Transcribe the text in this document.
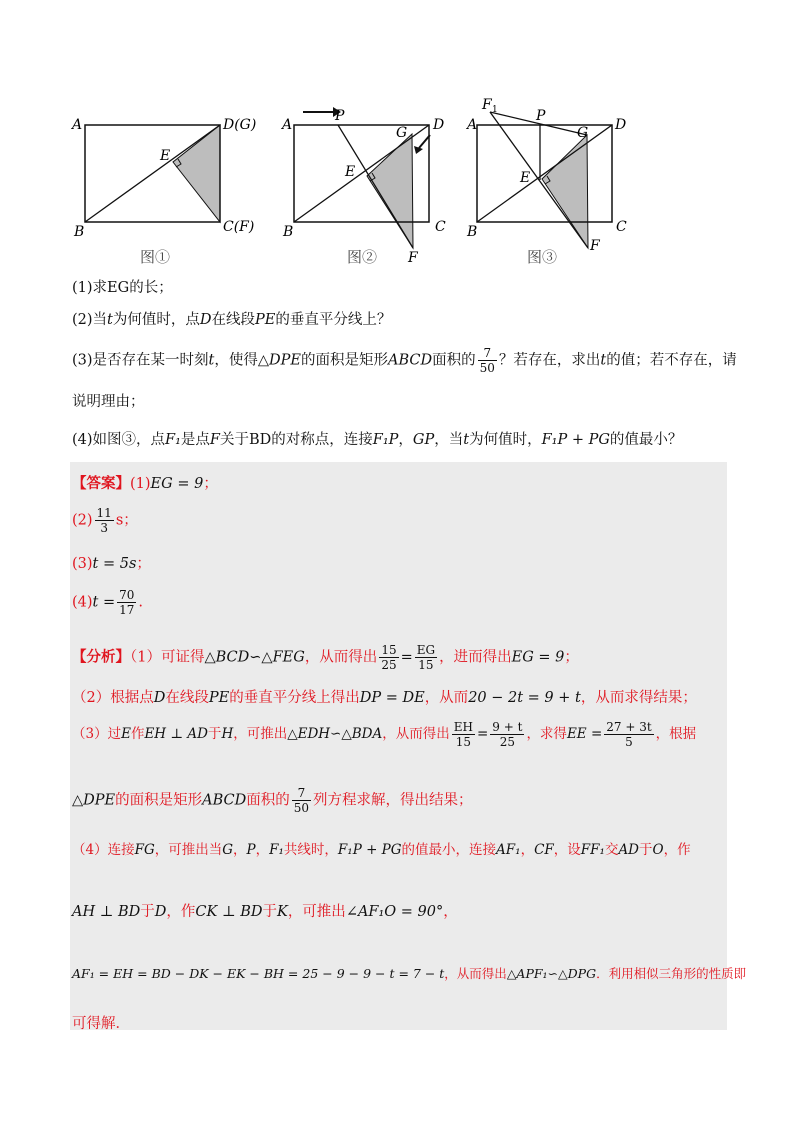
A	D(G)
E
B	C(F)
图①
A
P
G D
E
B
F
C
图②
F 1
A
P
G D
E
B	C
F
图③
(1)求EG的长；
(2)当t为何值时，点D在线段PE的垂直平分线上？
(3)是否存在某一时刻t，使得△DPE的面积是矩形ABCD面积的 $\frac{7}{50}$ ？若存在，求出t的值；若不存在，请
说明理由；
(4)如图③，点F₁是点F关于BD的对称点，连接F₁P，GP，当t为何值时，F₁P + PG的值最小？
【答案】(1)EG = 9；
$(2) \frac{11}{3}$ s；
(3)t = 5s；
$(4)t = \frac{70}{17}$ .
【分析】（1）可证得△BCD∽△FEG，从而得出 $\frac{15}{25} = \frac{EG}{15}$ ，进而得出EG = 9；
（2）根据点D在线段PE的垂直平分线上得出DP = DE，从而20 − 2t = 9 + t，从而求得结果；
（3）过E作EH ⊥ AD于H，可推出△EDH∽△BDA，从而得出 $\frac{EH}{15} = \frac{9 + t}{25}$ ，求得EE = $\frac{27 + 3t}{5}$ ，根据
△DPE的面积是矩形ABCD面积的 $\frac{7}{50}$ 列方程求解，得出结果；
（4）连接FG，可推出当G，P，F₁共线时，F₁P + PG的值最小，连接AF₁，CF，设FF₁交AD于O，作
AH ⊥ BD于D，作CK ⊥ BD于K，可推出∠AF₁O = 90°，
AF₁ = EH = BD − DK − EK − BH = 25 − 9 − 9 − t = 7 − t，从而得出△APF₁∽△DPG．利用相似三角形的性质即
可得解．
